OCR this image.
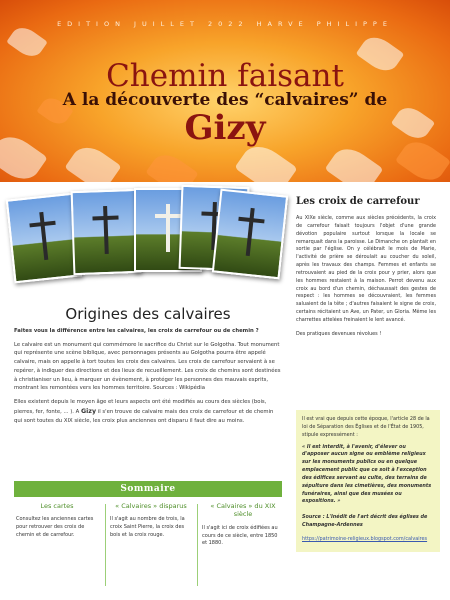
EDITION JUILLET 2022 HARVE PHILIPPE
Chemin faisant
A la découverte des “calvaires” de
Gizy
Origines des calvaires

Faites vous la différence entre les calvaires, les croix de carrefour ou de chemin ?

Le calvaire est un monument qui commémore le sacrifice du Christ sur le Golgotha. Tout monument qui représente une scène biblique, avec personnages présents au Golgotha pourra être appelé calvaire, mais on appelle à tort toutes les croix des calvaires. Les croix de carrefour servaient à se repérer, à indiquer des directions et des lieux de recueillement. Les croix de chemins sont destinées à christianiser un lieu, à marquer un évènement, à protéger les personnes des mauvais esprits, montrant les remontées vers les hommes territoire. Sources : Wikipédia

Elles existent depuis le moyen âge et leurs aspects ont été modifiés au cours des siècles (bois, pierres, fer, fonte, ... ). A Gizy il s'en trouve de calvaire mais des croix de carrefour et de chemin qui sont toutes du XIX siècle, les croix plus anciennes ont disparu il faut dire au moins.

Les croix de carrefour

Au XIXe siècle, comme aux siècles précédents, la croix de carrefour faisait toujours l'objet d'une grande dévotion populaire surtout lorsque la locale se remarquait dans la paroisse. Le Dimanche on plantait en sortie par l'église. On y célébrait le mois de Marie, l'activité de prière se déroulait au coucher du soleil, après les travaux des champs. Femmes et enfants se retrouvaient au pied de la croix pour y prier, alors que les hommes restaient à la maison. Perrot devenu aux croix au bord d'un chemin, déchaussait des gestes de respect : les hommes se découvraient, les femmes saluaient de la tête ; d'autres faisaient le signe de croix, certains récitaient un Ave, un Pater, un Gloria. Même les charrettes attelées freinaient le lent avancé.

Des pratiques devenues révolues !

Il est vrai que depuis cette époque, l'article 28 de la loi de Séparation des Églises et de l'État de 1905, stipule expressément :

« Il est interdit, à l'avenir, d'élever ou d'apposer aucun signe ou emblème religieux sur les monuments publics ou en quelque emplacement public que ce soit à l'exception des édifices servant au culte, des terrains de sépulture dans les cimetières, des monuments funéraires, ainsi que des musées ou expositions. »

Source : L'Inédit de l'art décrit des églises de Champagne-Ardennes
https://patrimoine-religieux.blogspot.com/calvaires
Sommaire
Les cartes
Consultez les anciennes cartes pour retrouver des croix de chemin et de carrefour.
« Calvaires » disparus
Il s'agit au nombre de trois, la croix Saint Pierre, la croix des bois et la croix rouge.
« Calvaires » du XIX siècle
Il s'agit ici de croix édifiées au cours de ce siècle, entre 1850 et 1880.
